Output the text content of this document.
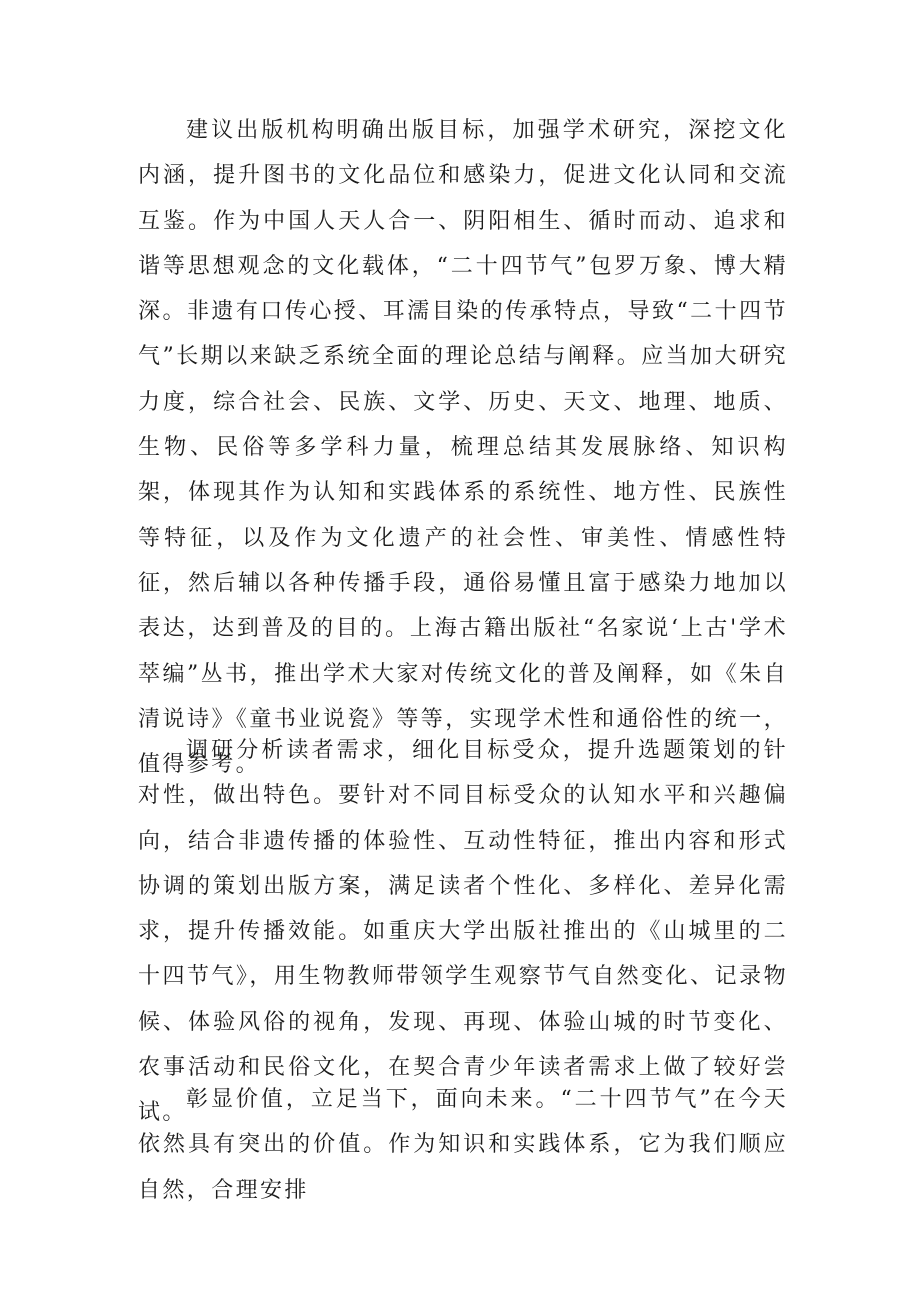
建议出版机构明确出版目标，加强学术研究，深挖文化内涵，提升图书的文化品位和感染力，促进文化认同和交流互鉴。作为中国人天人合一、阴阳相生、循时而动、追求和谐等思想观念的文化载体，“二十四节气”包罗万象、博大精深。非遗有口传心授、耳濡目染的传承特点，导致“二十四节气”长期以来缺乏系统全面的理论总结与阐释。应当加大研究力度，综合社会、民族、文学、历史、天文、地理、地质、生物、民俗等多学科力量，梳理总结其发展脉络、知识构架，体现其作为认知和实践体系的系统性、地方性、民族性等特征，以及作为文化遗产的社会性、审美性、情感性特征，然后辅以各种传播手段，通俗易懂且富于感染力地加以表达，达到普及的目的。上海古籍出版社“名家说‘上古'学术萃编”丛书，推出学术大家对传统文化的普及阐释，如《朱自清说诗》《童书业说瓷》等等，实现学术性和通俗性的统一，值得参考。

调研分析读者需求，细化目标受众，提升选题策划的针对性，做出特色。要针对不同目标受众的认知水平和兴趣偏向，结合非遗传播的体验性、互动性特征，推出内容和形式协调的策划出版方案，满足读者个性化、多样化、差异化需求，提升传播效能。如重庆大学出版社推出的《山城里的二十四节气》，用生物教师带领学生观察节气自然变化、记录物候、体验风俗的视角，发现、再现、体验山城的时节变化、农事活动和民俗文化，在契合青少年读者需求上做了较好尝试。

彰显价值，立足当下，面向未来。“二十四节气”在今天依然具有突出的价值。作为知识和实践体系，它为我们顺应自然，合理安排
